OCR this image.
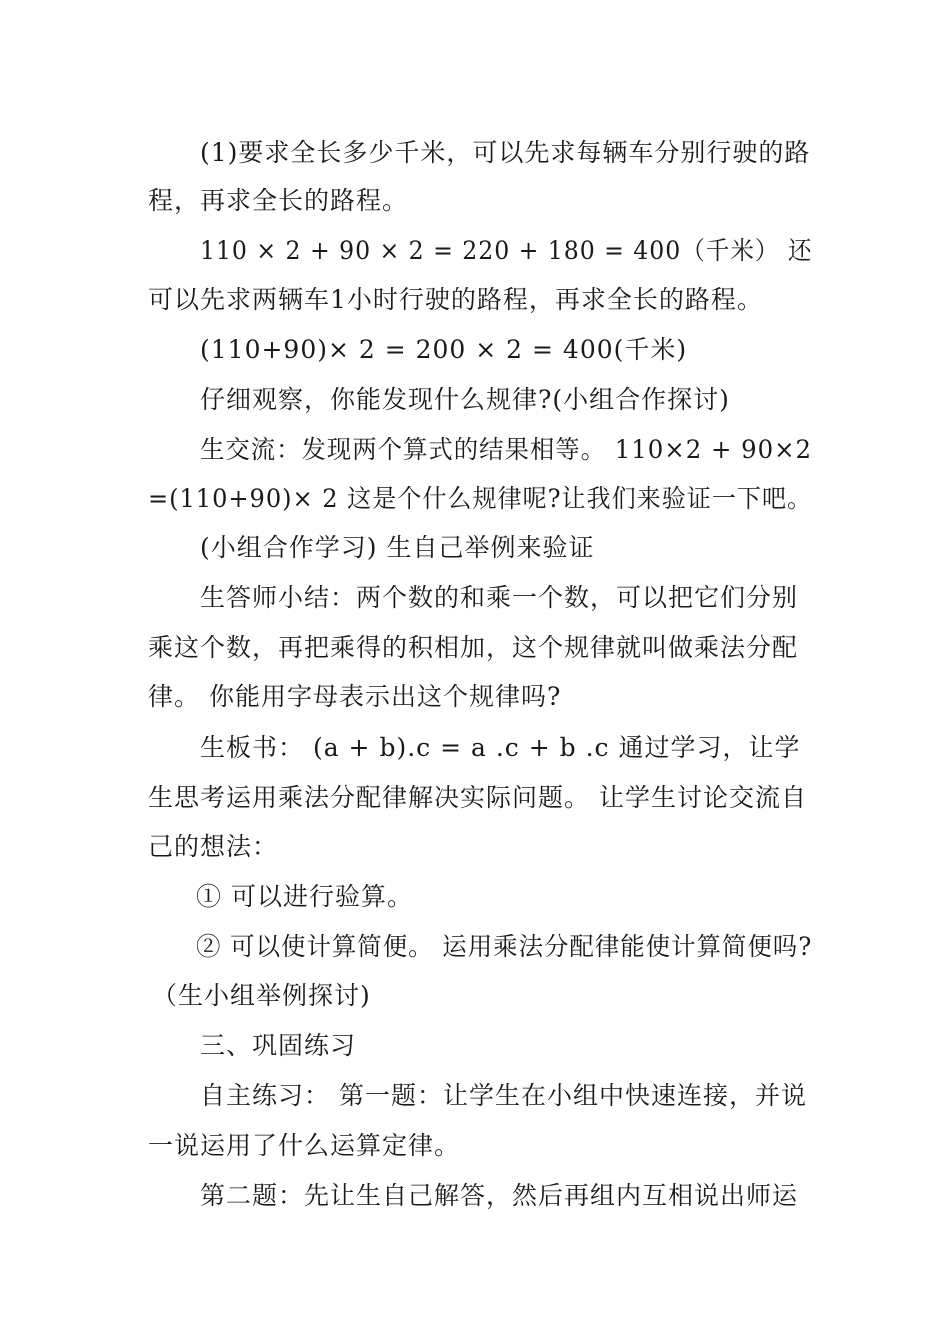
(1)要求全长多少千米，可以先求每辆车分别行驶的路
程，再求全长的路程。
110 × 2 + 90 × 2 = 220 + 180 = 400（千米） 还
可以先求两辆车1小时行驶的路程，再求全长的路程。
(110+90)× 2 = 200 × 2 = 400(千米)
仔细观察，你能发现什么规律?(小组合作探讨)
生交流：发现两个算式的结果相等。 110×2 + 90×2
=(110+90)× 2 这是个什么规律呢?让我们来验证一下吧。
(小组合作学习) 生自己举例来验证
生答师小结：两个数的和乘一个数，可以把它们分别
乘这个数，再把乘得的积相加，这个规律就叫做乘法分配
律。 你能用字母表示出这个规律吗?
生板书： (a + b).c = a .c + b .c 通过学习，让学
生思考运用乘法分配律解决实际问题。 让学生讨论交流自
己的想法：
① 可以进行验算。
② 可以使计算简便。 运用乘法分配律能使计算简便吗?
（生小组举例探讨)
三、巩固练习
自主练习： 第一题：让学生在小组中快速连接，并说
一说运用了什么运算定律。
第二题：先让生自己解答，然后再组内互相说出师运
